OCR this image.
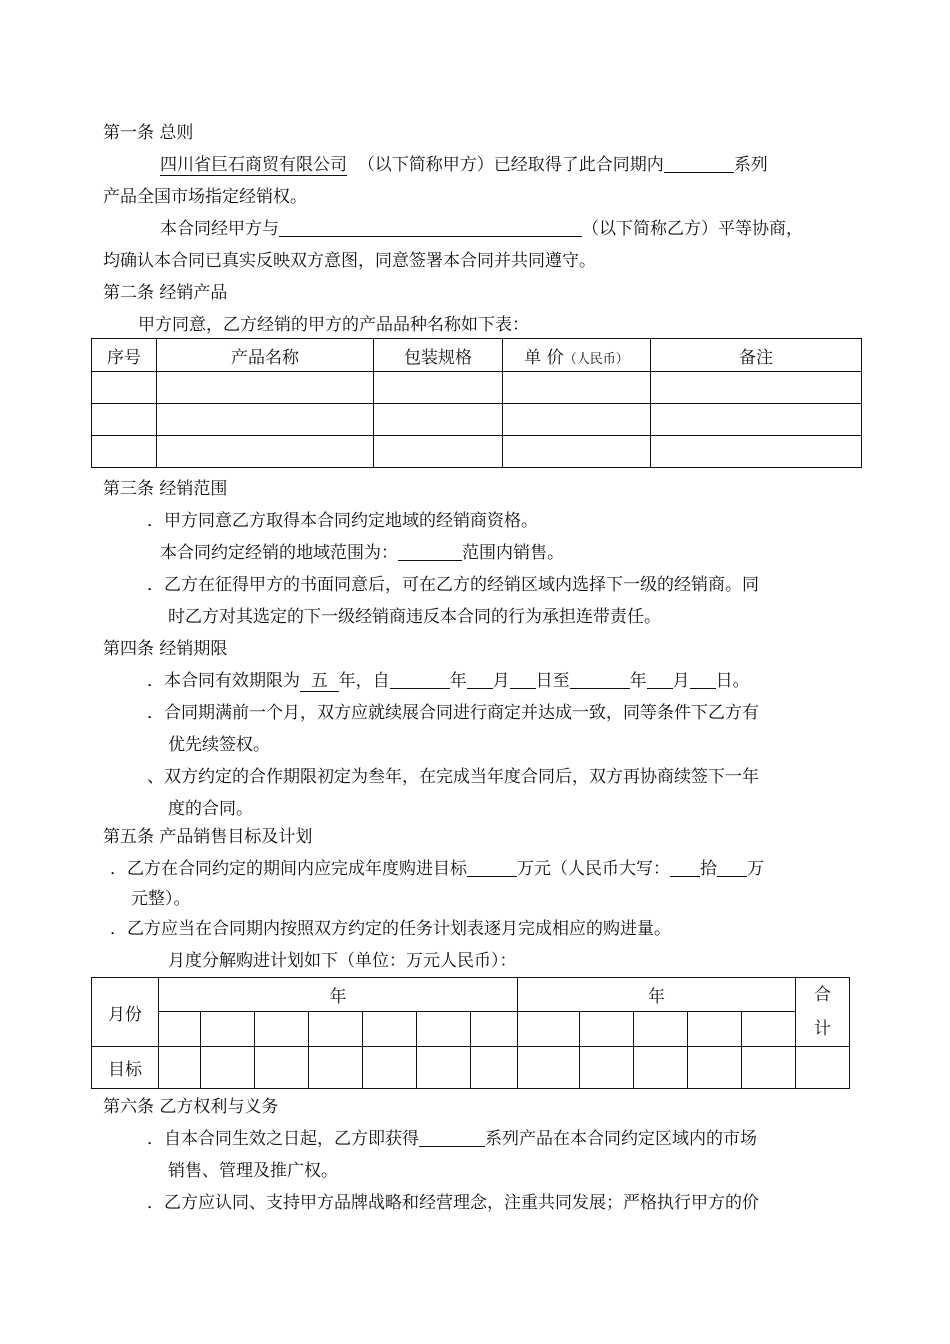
第一条 总则
四川省巨石商贸有限公司 （以下简称甲方）已经取得了此合同期内	系列
产品全国市场指定经销权。
本合同经甲方与	（以下简称乙方）平等协商，
均确认本合同已真实反映双方意图，同意签署本合同并共同遵守。
第二条 经销产品
甲方同意，乙方经销的甲方的产品品种名称如下表：
序号	产品名称	包装规格	单 价（人民币）	备注

第三条 经销范围
．甲方同意乙方取得本合同约定地域的经销商资格。
本合同约定经销的地域范围为：	范围内销售。
．乙方在征得甲方的书面同意后，可在乙方的经销区域内选择下一级的经销商。同
时乙方对其选定的下一级经销商违反本合同的行为承担连带责任。
第四条 经销期限
．本合同有效期限为 五 年，自	年 月 日至	年 月 日。
．合同期满前一个月，双方应就续展合同进行商定并达成一致，同等条件下乙方有
优先续签权。
、双方约定的合作期限初定为叁年，在完成当年度合同后，双方再协商续签下一年
度的合同。
第五条 产品销售目标及计划
．乙方在合同约定的期间内应完成年度购进目标	万元（人民币大写： 拾 万
元整）。
．乙方应当在合同期内按照双方约定的任务计划表逐月完成相应的购进量。
月度分解购进计划如下（单位：万元人民币）：
月份	年							年					合
计

目标													
第六条 乙方权利与义务
．自本合同生效之日起，乙方即获得	系列产品在本合同约定区域内的市场
销售、管理及推广权。
．乙方应认同、支持甲方品牌战略和经营理念，注重共同发展；严格执行甲方的价
